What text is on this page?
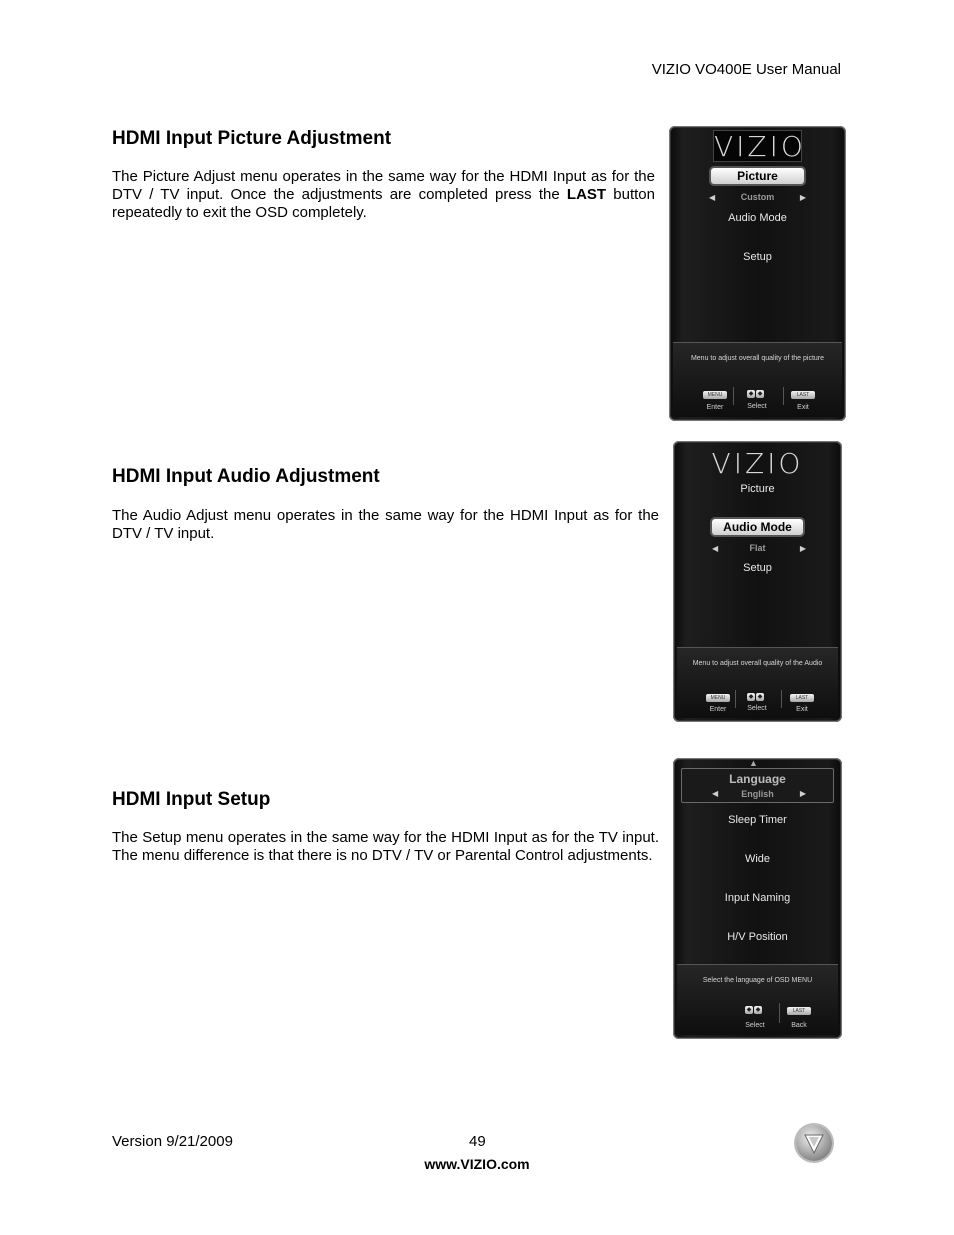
VIZIO VO400E User Manual
HDMI Input Picture Adjustment
The Picture Adjust menu operates in the same way for the HDMI Input as for the DTV / TV input. Once the adjustments are completed press the LAST button repeatedly to exit the OSD completely.
HDMI Input Audio Adjustment
The Audio Adjust menu operates in the same way for the HDMI Input as for the DTV / TV input.
HDMI Input Setup
The Setup menu operates in the same way for the HDMI Input as for the TV input. The menu difference is that there is no DTV / TV or Parental Control adjustments.
VIZIO
Picture
◀	Custom	▶
Audio Mode
Setup
Menu to adjust overall quality of the picture
MENU	◆ ◆	LAST
Enter	Select	Exit
VIZIO
Picture
Audio Mode
◀	Flat	▶
Setup
Menu to adjust overall quality of the Audio
MENU	◆ ◆	LAST
Enter	Select	Exit
▲
Language
◀	English	▶
Sleep Timer
Wide
Input Naming
H/V Position
Select the language of OSD MENU
◆ ◆	LAST
Select	Back
Version 9/21/2009	49
www.VIZIO.com
